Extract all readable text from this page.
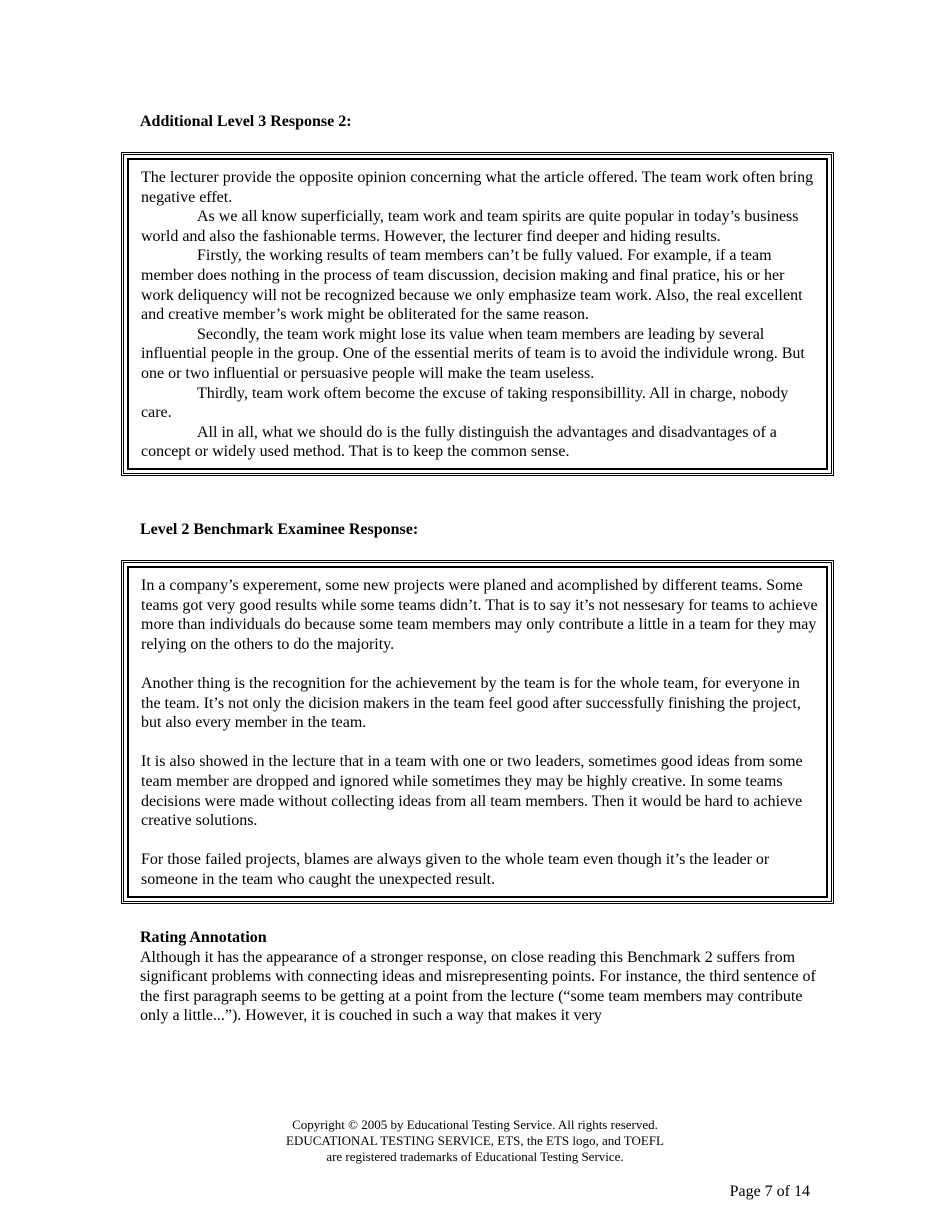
Additional Level 3 Response 2:

The lecturer provide the opposite opinion concerning what the article offered. The team work often bring negative effet.

As we all know superficially, team work and team spirits are quite popular in today’s business world and also the fashionable terms. However, the lecturer find deeper and hiding results.

Firstly, the working results of team members can’t be fully valued. For example, if a team member does nothing in the process of team discussion, decision making and final pratice, his or her work deliquency will not be recognized because we only emphasize team work. Also, the real excellent and creative member’s work might be obliterated for the same reason.

Secondly, the team work might lose its value when team members are leading by several influential people in the group. One of the essential merits of team is to avoid the individule wrong. But one or two influential or persuasive people will make the team useless.

Thirdly, team work oftem become the excuse of taking responsibillity. All in charge, nobody care.

All in all, what we should do is the fully distinguish the advantages and disadvantages of a concept or widely used method. That is to keep the common sense.

Level 2 Benchmark Examinee Response:

In a company’s experement, some new projects were planed and acomplished by different teams. Some teams got very good results while some teams didn’t. That is to say it’s not nessesary for teams to achieve more than individuals do because some team members may only contribute a little in a team for they may relying on the others to do the majority.

Another thing is the recognition for the achievement by the team is for the whole team, for everyone in the team. It’s not only the dicision makers in the team feel good after successfully finishing the project, but also every member in the team.

It is also showed in the lecture that in a team with one or two leaders, sometimes good ideas from some team member are dropped and ignored while sometimes they may be highly creative. In some teams decisions were made without collecting ideas from all team members. Then it would be hard to achieve creative solutions.

For those failed projects, blames are always given to the whole team even though it’s the leader or someone in the team who caught the unexpected result.

Rating Annotation
Although it has the appearance of a stronger response, on close reading this Benchmark 2 suffers from significant problems with connecting ideas and misrepresenting points. For instance, the third sentence of the first paragraph seems to be getting at a point from the lecture (“some team members may contribute only a little...”). However, it is couched in such a way that makes it very
Copyright © 2005 by Educational Testing Service. All rights reserved.
EDUCATIONAL TESTING SERVICE, ETS, the ETS logo, and TOEFL
are registered trademarks of Educational Testing Service.
Page 7 of 14
